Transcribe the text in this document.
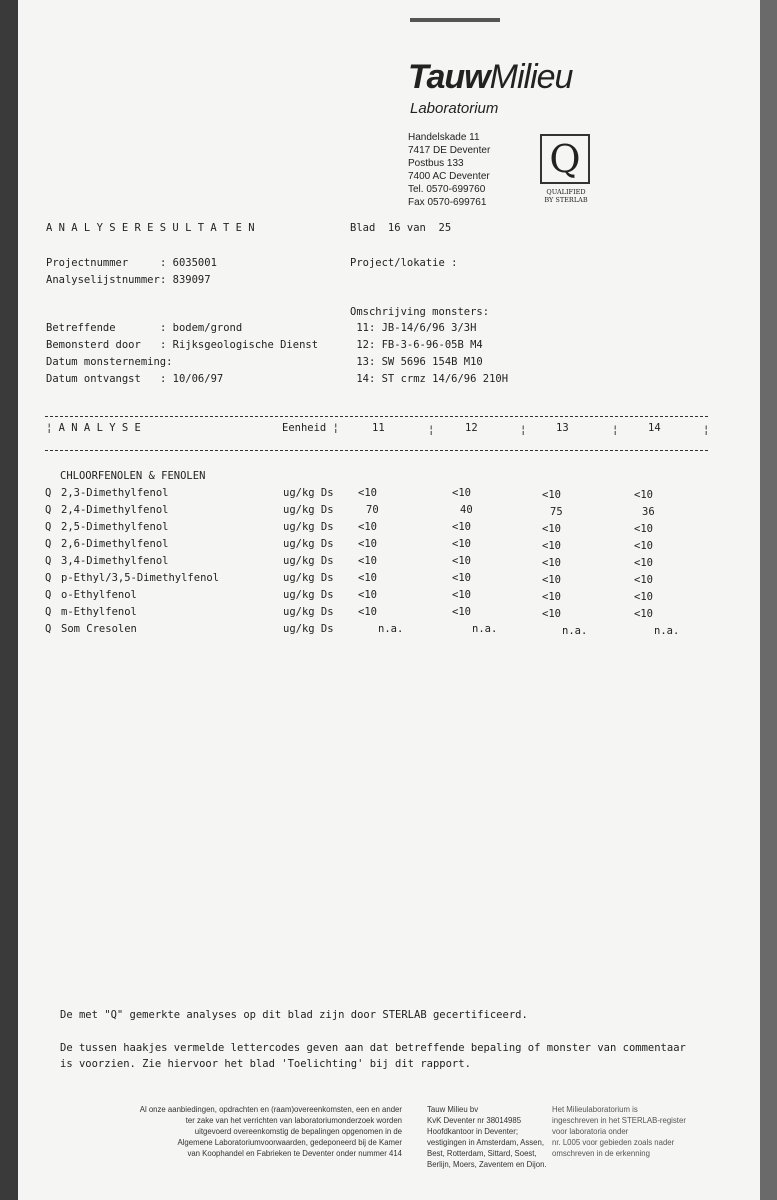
TauwMilieu
Laboratorium
Handelskade 11
7417 DE Deventer
Postbus 133
7400 AC Deventer
Tel. 0570-699760
Fax 0570-699761
Q
QUALIFIED
BY STERLAB
A N A L Y S E R E S U L T A T E N	Blad  16 van  25
Projectnummer
: 6035001
Analyselijstnummer
: 839097
Betreffende
: bodem/grond
Bemonsterd door
: Rijksgeologische Dienst
Datum monsterneming:
Datum ontvangst
: 10/06/97
Project/lokatie :
Omschrijving monsters:
11: JB-14/6/96 3/3H
12: FB-3-6-96-05B M4
13: SW 5696 154B M10
14: ST crmz 14/6/96 210H
¦ A N A L Y S E	Eenheid ¦	11	12	13	14
¦	¦	¦	¦
CHLOORFENOLEN & FENOLEN
Q 2,3-Dimethylfenol	ug/kg Ds <10	<10	<10	<10
Q 2,4-Dimethylfenol	ug/kg Ds	70	40	75	36
Q 2,5-Dimethylfenol	ug/kg Ds <10	<10	<10	<10
Q 2,6-Dimethylfenol	ug/kg Ds <10	<10	<10	<10
Q 3,4-Dimethylfenol	ug/kg Ds <10	<10	<10	<10
Q p-Ethyl/3,5-Dimethylfenol	ug/kg Ds <10	<10	<10	<10
Q o-Ethylfenol	ug/kg Ds <10	<10	<10	<10
Q m-Ethylfenol	ug/kg Ds <10	<10	<10	<10
Q Som Cresolen	ug/kg Ds	n.a.	n.a.	n.a.	n.a.
De met "Q" gemerkte analyses op dit blad zijn door STERLAB gecertificeerd.
De tussen haakjes vermelde lettercodes geven aan dat betreffende bepaling of monster van commentaar
is voorzien. Zie hiervoor het blad 'Toelichting' bij dit rapport.
Al onze aanbiedingen, opdrachten en (raam)overeenkomsten, een en ander
ter zake van het verrichten van laboratoriumonderzoek worden
uitgevoerd overeenkomstig de bepalingen opgenomen in de
Algemene Laboratoriumvoorwaarden, gedeponeerd bij de Kamer
van Koophandel en Fabrieken te Deventer onder nummer 414
Tauw Milieu bv
KvK Deventer nr 38014985
Hoofdkantoor in Deventer;
vestigingen in Amsterdam, Assen,
Best, Rotterdam, Sittard, Soest,
Berlijn, Moers, Zaventem en Dijon.
Het Milieulaboratorium is
ingeschreven in het STERLAB-register
voor laboratoria onder
nr. L005 voor gebieden zoals nader
omschreven in de erkenning
